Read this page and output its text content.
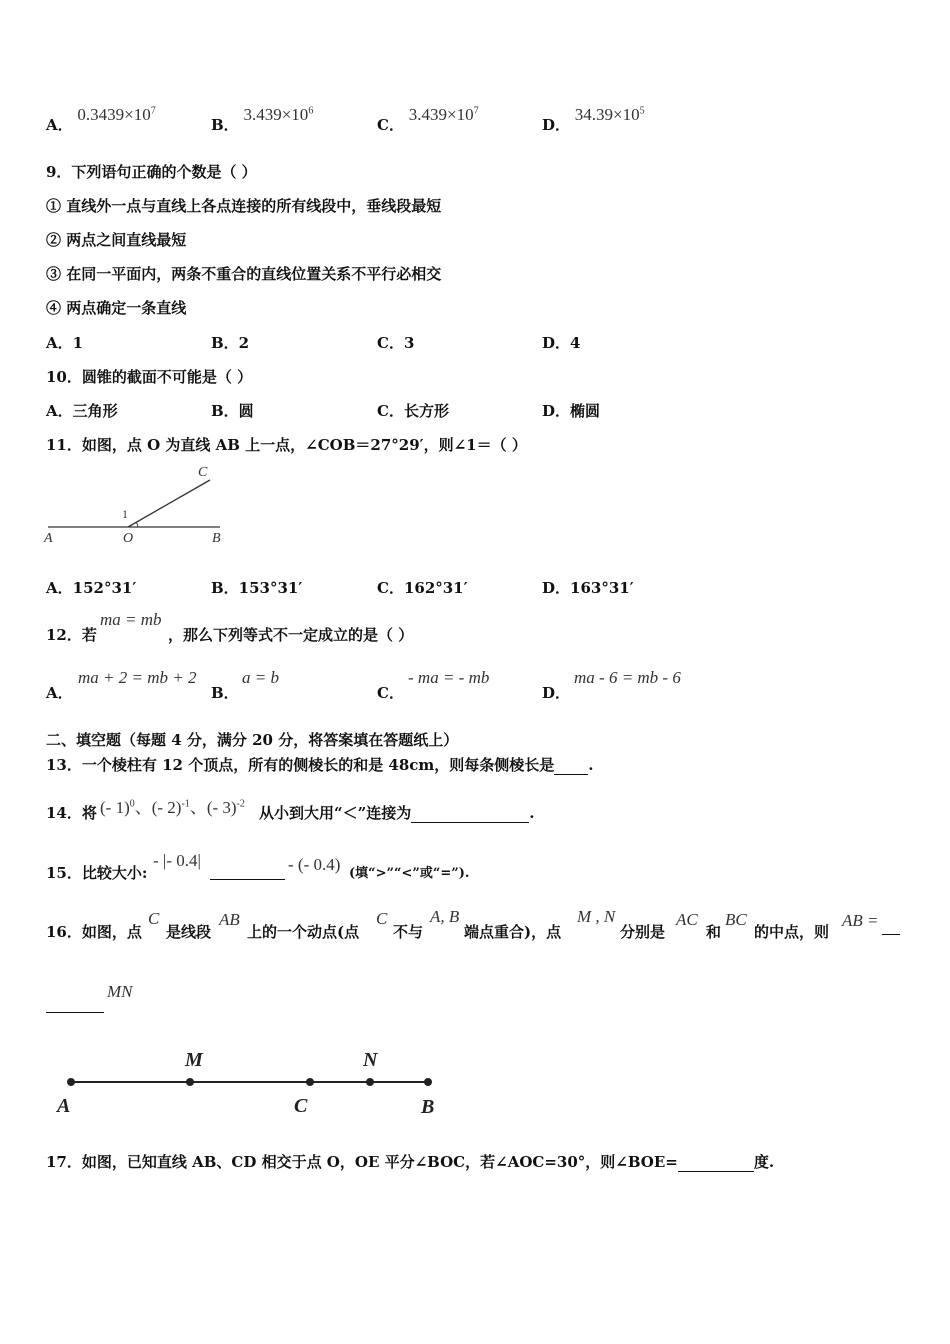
A． $0.3439\times 10^7$
B． $3.439\times 10^6$
C． $3.439\times 10^7$
D． $34.39\times 10^5$
9．下列语句正确的个数是（ ）
① 直线外一点与直线上各点连接的所有线段中，垂线段最短
② 两点之间直线最短
③ 在同一平面内，两条不重合的直线位置关系不平行必相交
④ 两点确定一条直线
A．1	B．2	C．3	D．4
10．圆锥的截面不可能是（ ）
A．三角形	B．圆	C．长方形	D．椭圆
11．如图，点 O 为直线 AB 上一点，∠COB＝27°29′，则∠1＝（ ）
A	O	B
C
1
A．152°31′	B．153°31′	C．162°31′	D．163°31′
12．若
ma = mb
，那么下列等式不一定成立的是（ ）
A．
ma + 2 = mb + 2
B．
a = b
C．
- ma = - mb
D．
ma - 6 = mb - 6
二、填空题（每题 4 分，满分 20 分，将答案填在答题纸上）
13．一个棱柱有 12 个顶点，所有的侧棱长的和是 48cm，则每条侧棱长是 .
14．将 (- 1)$^0$、(- 2)$^{-1}$、(- 3)$^{-2}$
从小到大用“＜”连接为	.
15．比较大小:
- |- 0.4|	- (- 0.4) (填“>”“<”或“=”).
16．如图，点
C
是线段
AB
上的一个动点(点
C
不与
A, B
端点重合)，点
M , N
分别是
AC
和
BC
的中点，则
AB =
MN
A
M
C
N
B
17．如图，已知直线 AB、CD 相交于点 O，OE 平分∠BOC，若∠AOC=30°，则∠BOE=	度.
